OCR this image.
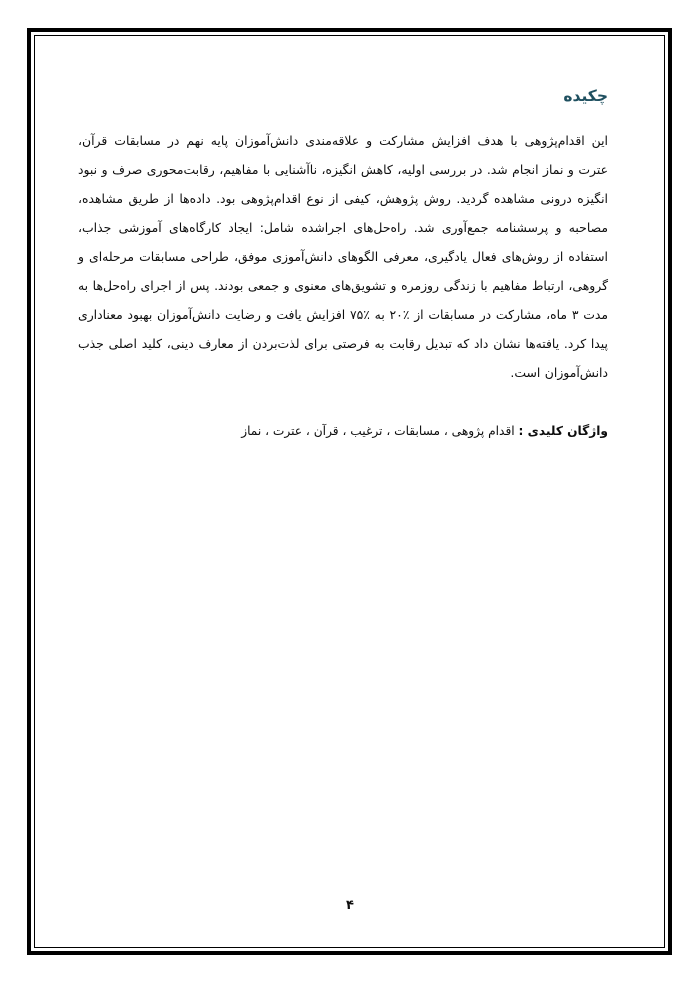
چکیده

این اقدام‌پژوهی با هدف افزایش مشارکت و علاقه‌مندی دانش‌آموزان پایه نهم در مسابقات قرآن، عترت و نماز انجام شد. در بررسی اولیه، کاهش انگیزه، ناآشنایی با مفاهیم، رقابت‌محوری صرف و نبود انگیزه درونی مشاهده گردید. روش پژوهش، کیفی از نوع اقدام‌پژوهی بود. داده‌ها از طریق مشاهده، مصاحبه و پرسشنامه جمع‌آوری شد. راه‌حل‌های اجراشده شامل: ایجاد کارگاه‌های آموزشی جذاب، استفاده از روش‌های فعال یادگیری، معرفی الگوهای دانش‌آموزی موفق، طراحی مسابقات مرحله‌ای و گروهی، ارتباط مفاهیم با زندگی روزمره و تشویق‌های معنوی و جمعی بودند. پس از اجرای راه‌حل‌ها به مدت ۳ ماه، مشارکت در مسابقات از ٪۲۰ به ٪۷۵ افزایش یافت و رضایت دانش‌آموزان بهبود معناداری پیدا کرد. یافته‌ها نشان داد که تبدیل رقابت به فرصتی برای لذت‌بردن از معارف دینی، کلید اصلی جذب دانش‌آموزان است.

واژگان کلیدی : اقدام پژوهی ، مسابقات ، ترغیب ، قرآن ، عترت ، نماز

۴
